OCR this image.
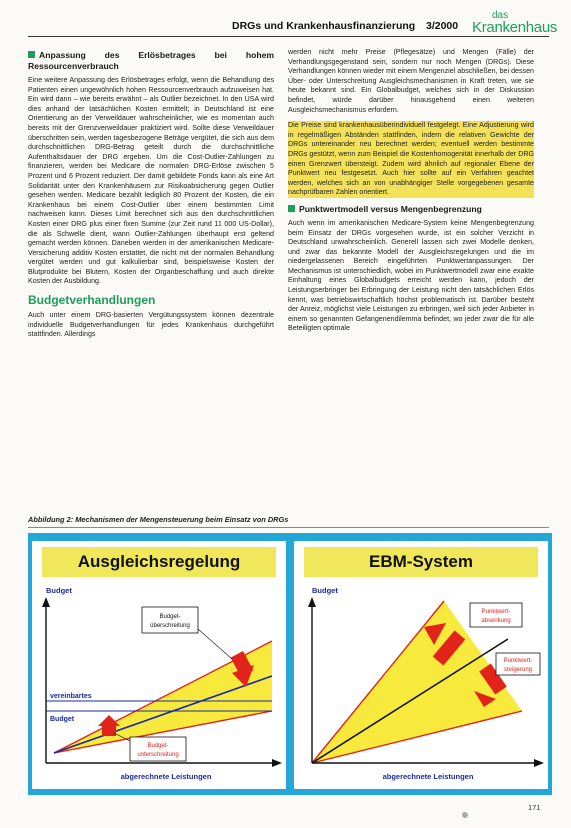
DRGs und Krankenhausfinanzierung 3/2000
das
Krankenhaus
Anpassung des Erlösbetrages bei hohem Ressourcenverbrauch

Eine weitere Anpassung des Erlösbetrages erfolgt, wenn die Behandlung des Patienten einen ungewöhnlich hohen Ressourcenverbrauch aufzuweisen hat. Ein wird dann – wie bereits erwähnt – als Outlier bezeichnet. In den USA wird dies anhand der tatsächlichen Kosten ermittelt; in Deutschland ist eine Orientierung an der Verweildauer wahrscheinlicher, wie es momentan auch bereits mit der Grenzverweildauer praktiziert wird. Sollte diese Verweildauer überschritten sein, werden tagesbezogene Beträge vergütet, die sich aus dem durchschnittlichen DRG-Betrag geteilt durch die durchschnittliche Aufenthaltsdauer der DRG ergeben. Um die Cost-Outlier-Zahlungen zu finanzieren, werden bei Medicare die normalen DRG-Erlöse zwischen 5 Prozent und 6 Prozent reduziert. Der damit gebildete Fonds kann als eine Art Solidarität unter den Krankenhäusern zur Risikoabsicherung gegen Outlier gesehen werden. Medicare bezahlt lediglich 80 Prozent der Kosten, die ein Krankenhaus bei einem Cost-Outlier über einem bestimmten Limit nachweisen kann. Dieses Limit berechnet sich aus den durchschnittlichen Kosten einer DRG plus einer fixen Summe (zur Zeit rund 11 000 US-Dollar), die als Schwelle dient, wann Outlier-Zahlungen überhaupt erst geltend gemacht werden können. Daneben werden in der amerikanischen Medicare-Versicherung additiv Kosten erstattet, die nicht mit der normalen Behandlung vergütet werden und gut kalkulierbar sind, beispielsweise Kosten der Blutprodukte bei Blutern, Kosten der Organbeschaffung und auch direkte Kosten der Ausbildung.

Budgetverhandlungen

Auch unter einem DRG-basierten Vergütungssystem können dezentrale individuelle Budgetverhandlungen für jedes Krankenhaus durchgeführt stattfinden. Allerdings

werden nicht mehr Preise (Pflegesätze) und Mengen (Fälle) der Verhandlungsgegenstand sein, sondern nur noch Mengen (DRGs). Diese Verhandlungen können wieder mit einem Mengenziel abschließen, bei dessen Über- oder Unterschreitung Ausgleichsmechanismen in Kraft treten, wie sie heute bekannt sind. Ein Globalbudget, welches sich in der Diskussion befindet, würde darüber hinausgehend einen weiteren Ausgleichsmechanismus erfordern.

Die Preise sind krankenhausüberindividuell festgelegt. Eine Adjustierung wird in regelmäßigen Abständen stattfinden, indem die relativen Gewichte der DRGs untereinander neu berechnet werden; eventuell werden bestimmte DRGs gestützt, wenn zum Beispiel die Kostenhomogenität innerhalb der DRG einen Grenzwert übersteigt. Zudem wird ähnlich auf regionaler Ebene der Punktwert neu festgesetzt. Auch hier sollte auf ein Verfahren geachtet werden, welches sich an von unabhängiger Stelle vorgegebenen gesamte nachprüfbaren Zahlen orientiert.

Punktwertmodell versus Mengenbegrenzung

Auch wenn im amerikanischen Medicare-System keine Mengenbegrenzung beim Einsatz der DRGs vorgesehen wurde, ist ein solcher Verzicht in Deutschland unwahrscheinlich. Generell lassen sich zwei Modelle denken, und zwar das bekannte Modell der Ausgleichsregelungen und die im niedergelassenen Bereich eingeführten Punktwertanpassungen. Der Mechanismus ist unterschiedlich, wobei im Punktwertmodell zwar eine exakte Einhaltung eines Globalbudgets erreicht werden kann, jedoch der Leistungserbringer bei Erbringung der Leistung nicht den tatsächlichen Erlös kennt, was betriebswirtschaftlich höchst problematisch ist. Darüber besteht der Anreiz, möglichst viele Leistungen zu erbringen, weil sich jeder Anbieter in einem so genannten Gefangenendilemma befindet, wo jeder zwar die für alle Beteiligten optimale

Abbildung 2: Mechanismen der Mengensteuerung beim Einsatz von DRGs
Ausgleichsregelung
Budget
abgerechnete Leistungen
vereinbartes
Budget
Budget-
überschreitung
Budget-
unterschreitung
EBM-System
Budget
abgerechnete Leistungen
Punktwert-
absenkung
Punktwert-
steigerung
171
